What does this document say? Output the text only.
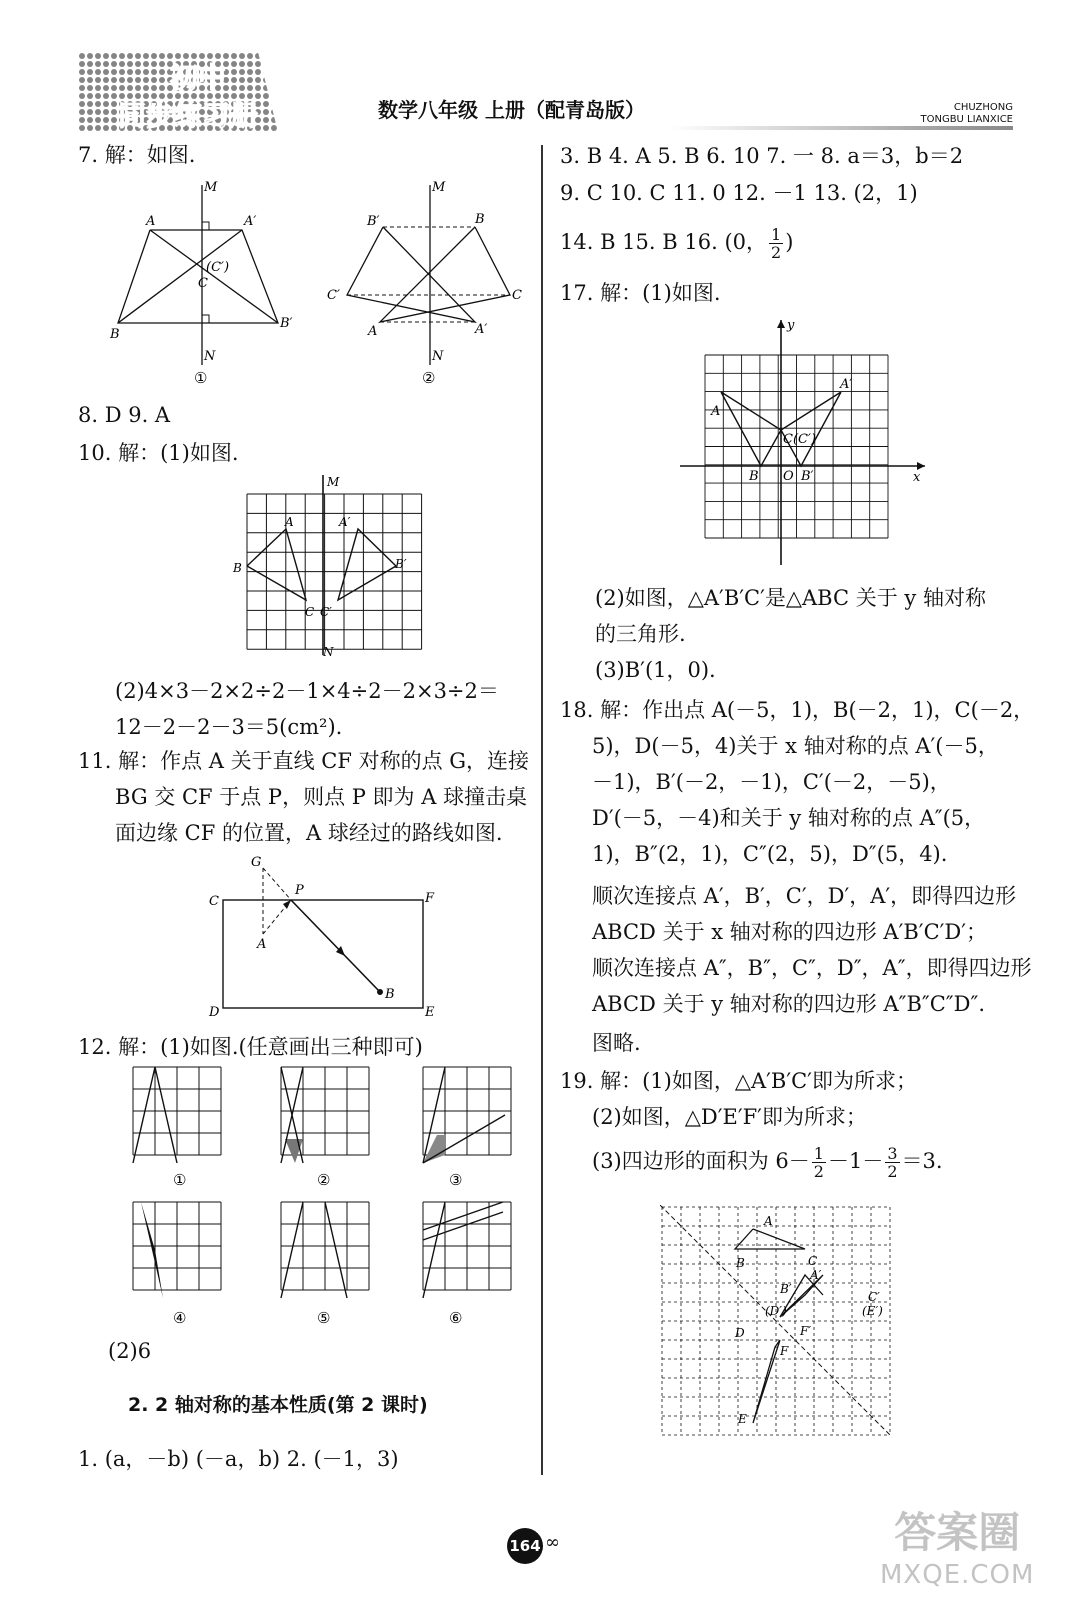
初中
同步练习册	数学八年级 上册（配青岛版）	CHUZHONG
TONGBU LIANXICE
7. 解：如图.
M
N
A	A′
(C′)
C
B
B′
①
M
N
B′	B
C′	C
A	A′
②
8. D 9. A
10. 解：(1)如图.
M
N
A	A′
B	B′
C C′
(2)4×3－2×2÷2－1×4÷2－2×3÷2＝
12－2－2－3＝5(cm²).
11. 解：作点 A 关于直线 CF 对称的点 G，连接
BG 交 CF 于点 P，则点 P 即为 A 球撞击桌
面边缘 CF 的位置，A 球经过的路线如图.
G
P
C	F
A
B
D	E
12. 解：(1)如图.(任意画出三种即可)
①	②	③
④	⑤	⑥
(2)6
2. 2 轴对称的基本性质(第 2 课时)
1. (a，－b) (－a，b) 2. (－1，3)
3. B 4. A 5. B 6. 10 7. 一 8. a＝3，b＝2
9. C 10. C 11. 0 12. －1 13. (2，1)
14. B 15. B 16. (0， $\frac{1}{2}$ )
17. 解：(1)如图.
y
x
A
A′
C(C′)
B O B′
(2)如图，△A′B′C′是△ABC 关于 y 轴对称
的三角形.
(3)B′(1，0).
18. 解：作出点 A(－5，1)，B(－2，1)，C(－2，
5)，D(－5，4)关于 x 轴对称的点 A′(－5，
－1)，B′(－2，－1)，C′(－2，－5)，
D′(－5，－4)和关于 y 轴对称的点 A″(5，
1)，B″(2，1)，C″(2，5)，D″(5，4).
顺次连接点 A′，B′，C′，D′，A′，即得四边形
ABCD 关于 x 轴对称的四边形 A′B′C′D′；
顺次连接点 A″，B″，C″，D″，A″，即得四边形
ABCD 关于 y 轴对称的四边形 A″B″C″D″.
图略.
19. 解：(1)如图，△A′B′C′即为所求；
(2)如图，△D′E′F′即为所求；
(3)四边形的面积为 $6- \frac{1}{2} -1- \frac{3}{2} =3$.
A
B	C
A′
B′
C′
(D′)	(E′)
F′
D
F
E
164 ∞	答案圈
MXQE.COM
